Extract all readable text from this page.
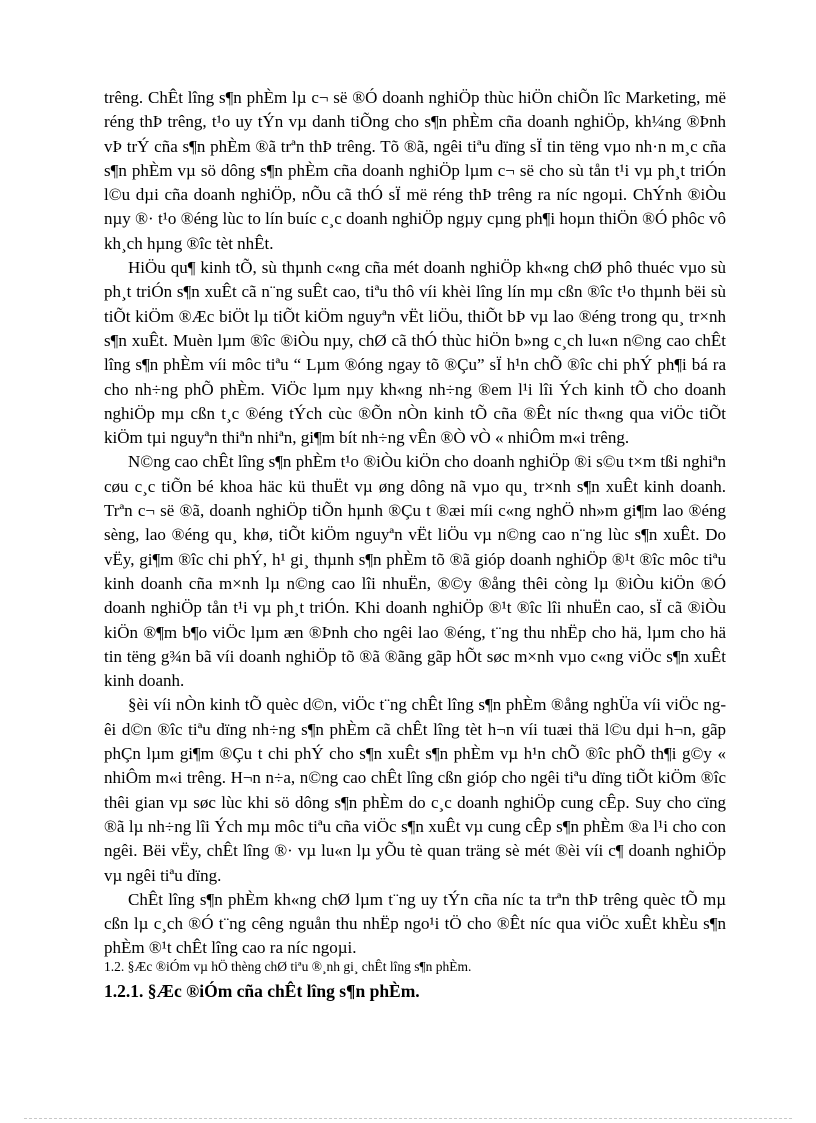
trêng. ChÊt lîng s¶n phÈm lµ c¬ së ®Ó doanh nghiÖp thùc hiÖn chiÕn lîc Marketing, më réng thÞ trêng, t¹o uy tÝn vµ danh tiÕng cho s¶n phÈm cña doanh nghiÖp, kh¼ng ®Þnh vÞ trÝ cña s¶n phÈm ®ã trªn thÞ trêng. Tõ ®ã, ngêi tiªu dïng sÏ tin tëng vµo nh·n m¸c cña s¶n phÈm vµ sö dông s¶n phÈm cña doanh nghiÖp lµm c¬ së cho sù tån t¹i vµ ph¸t triÓn l©u dµi cña doanh nghiÖp, nÕu cã thÓ sÏ më réng thÞ trêng ra níc ngoµi. ChÝnh ®iÒu nµy ®· t¹o ®éng lùc to lín buíc c¸c doanh nghiÖp ngµy cµng ph¶i hoµn thiÖn ®Ó phôc vô kh¸ch hµng ®îc tèt nhÊt.

HiÖu qu¶ kinh tÕ, sù thµnh c«ng cña mét doanh nghiÖp kh«ng chØ phô thuéc vµo sù ph¸t triÓn s¶n xuÊt cã n¨ng suÊt cao, tiªu thô víi khèi lîng lín mµ cßn ®îc t¹o thµnh bëi sù tiÕt kiÖm ®Æc biÖt lµ tiÕt kiÖm nguyªn vËt liÖu, thiÕt bÞ vµ lao ®éng trong qu¸ tr×nh s¶n xuÊt. Muèn lµm ®îc ®iÒu nµy, chØ cã thÓ thùc hiÖn b»ng c¸ch lu«n n©ng cao chÊt lîng s¶n phÈm víi môc tiªu “ Lµm ®óng ngay tõ ®Çu” sÏ h¹n chÕ ®îc chi phÝ ph¶i bá ra cho nh÷ng phÕ phÈm. ViÖc lµm nµy kh«ng nh÷ng ®em l¹i lîi Ých kinh tÕ cho doanh nghiÖp mµ cßn t¸c ®éng tÝch cùc ®Õn nÒn kinh tÕ cña ®Êt níc th«ng qua viÖc tiÕt kiÖm tµi nguyªn thiªn nhiªn, gi¶m bít nh÷ng vÊn ®Ò vÒ « nhiÔm m«i trêng.

N©ng cao chÊt lîng s¶n phÈm t¹o ®iÒu kiÖn cho doanh nghiÖp ®i s©u t×m tßi nghiªn cøu c¸c tiÕn bé khoa häc kü thuËt vµ øng dông nã vµo qu¸ tr×nh s¶n xuÊt kinh doanh. Trªn c¬ së ®ã, doanh nghiÖp tiÕn hµnh ®Çu t ®æi míi c«ng nghÖ nh»m gi¶m lao ®éng sèng, lao ®éng qu¸ khø, tiÕt kiÖm nguyªn vËt liÖu vµ n©ng cao n¨ng lùc s¶n xuÊt. Do vËy, gi¶m ®îc chi phÝ, h¹ gi¸ thµnh s¶n phÈm tõ ®ã gióp doanh nghiÖp ®¹t ®îc môc tiªu kinh doanh cña m×nh lµ n©ng cao lîi nhuËn, ®©y ®ång thêi còng lµ ®iÒu kiÖn ®Ó doanh nghiÖp tån t¹i vµ ph¸t triÓn. Khi doanh nghiÖp ®¹t ®îc lîi nhuËn cao, sÏ cã ®iÒu kiÖn ®¶m b¶o viÖc lµm æn ®Þnh cho ngêi lao ®éng, t¨ng thu nhËp cho hä, lµm cho hä tin tëng g¾n bã víi doanh nghiÖp tõ ®ã ®ãng gãp hÕt søc m×nh vµo c«ng viÖc s¶n xuÊt kinh doanh.

§èi víi nÒn kinh tÕ quèc d©n, viÖc t¨ng chÊt lîng s¶n phÈm ®ång nghÜa víi viÖc ngêi d©n ®îc tiªu dïng nh÷ng s¶n phÈm cã chÊt lîng tèt h¬n víi tuæi thä l©u dµi h¬n, gãp phÇn lµm gi¶m ®Çu t chi phÝ cho s¶n xuÊt s¶n phÈm vµ h¹n chÕ ®îc phÕ th¶i g©y « nhiÔm m«i trêng. H¬n n÷a, n©ng cao chÊt lîng cßn gióp cho ngêi tiªu dïng tiÕt kiÖm ®îc thêi gian vµ søc lùc khi sö dông s¶n phÈm do c¸c doanh nghiÖp cung cÊp. Suy cho cïng ®ã lµ nh÷ng lîi Ých mµ môc tiªu cña viÖc s¶n xuÊt vµ cung cÊp s¶n phÈm ®a l¹i cho con ngêi. Bëi vËy, chÊt lîng ®· vµ lu«n lµ yÕu tè quan träng sè mét ®èi víi c¶ doanh nghiÖp vµ ngêi tiªu dïng.

ChÊt lîng s¶n phÈm kh«ng chØ lµm t¨ng uy tÝn cña níc ta trªn thÞ trêng quèc tÕ mµ cßn lµ c¸ch ®Ó t¨ng cêng nguån thu nhËp ngo¹i tÖ cho ®Êt níc qua viÖc xuÊt khÈu s¶n phÈm ®¹t chÊt lîng cao ra níc ngoµi.

1.2. §Æc ®iÓm vµ hÖ thèng chØ tiªu ®¸nh gi¸ chÊt lîng s¶n phÈm.
1.2.1. §Æc ®iÓm cña chÊt lîng s¶n phÈm.
